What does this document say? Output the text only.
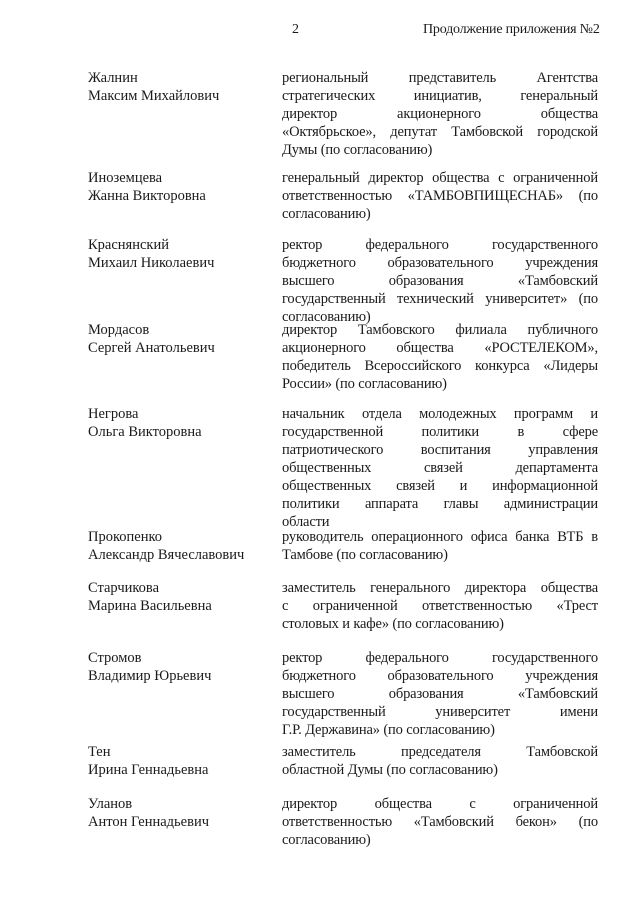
2	Продолжение приложения №2
Жалнин
Максим Михайлович
региональный представитель Агентства
стратегических инициатив, генеральный
директор акционерного общества
«Октябрьское», депутат Тамбовской городской
Думы (по согласованию)
Иноземцева
Жанна Викторовна
генеральный директор общества с ограниченной
ответственностью «ТАМБОВПИЩЕСНАБ» (по
согласованию)
Краснянский
Михаил Николаевич
ректор федерального государственного
бюджетного образовательного учреждения
высшего образования «Тамбовский
государственный технический университет» (по
согласованию)
Мордасов
Сергей Анатольевич
директор Тамбовского филиала публичного
акционерного общества «РОСТЕЛЕКОМ»,
победитель Всероссийского конкурса «Лидеры
России» (по согласованию)
Негрова
Ольга Викторовна
начальник отдела молодежных программ и
государственной политики в сфере
патриотического воспитания управления
общественных связей департамента
общественных связей и информационной
политики аппарата главы администрации
области
Прокопенко
Александр Вячеславович
руководитель операционного офиса банка ВТБ в
Тамбове (по согласованию)
Старчикова
Марина Васильевна
заместитель генерального директора общества
с ограниченной ответственностью «Трест
столовых и кафе» (по согласованию)
Стромов
Владимир Юрьевич
ректор федерального государственного
бюджетного образовательного учреждения
высшего образования «Тамбовский
государственный университет имени
Г.Р. Державина» (по согласованию)
Тен
Ирина Геннадьевна
заместитель председателя Тамбовской
областной Думы (по согласованию)
Уланов
Антон Геннадьевич
директор общества с ограниченной
ответственностью «Тамбовский бекон» (по
согласованию)
